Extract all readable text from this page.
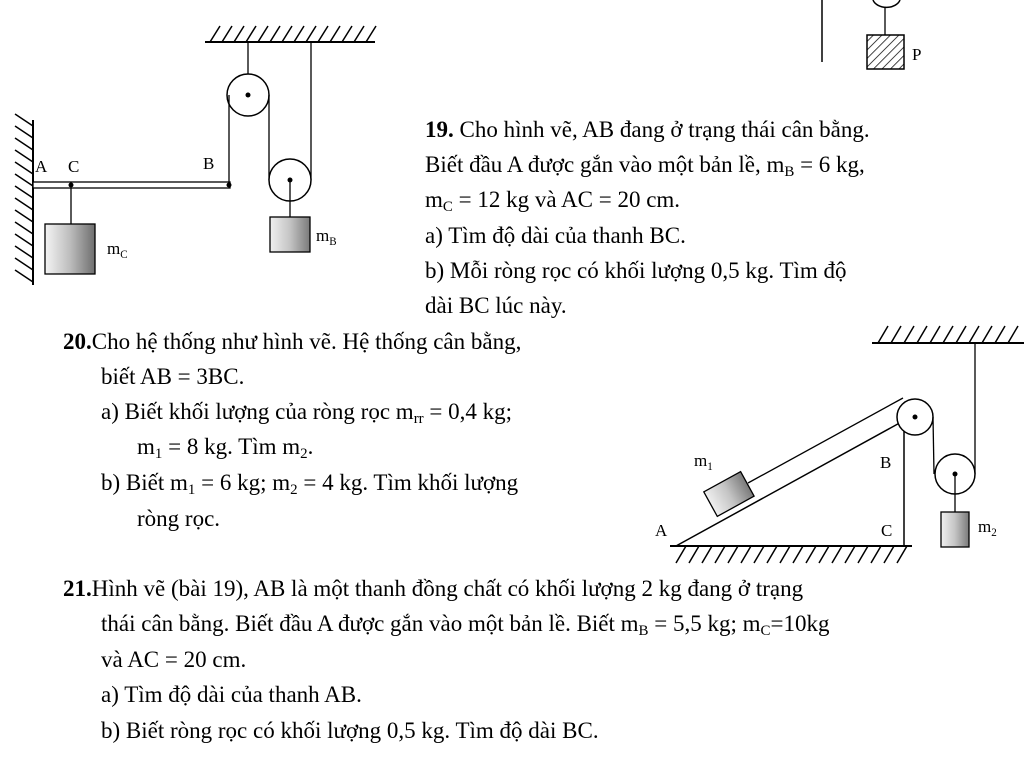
A C	B
$m_C$
$m_B$
P
$m_1$	B
A	C	$m_2$
19. Cho hình vẽ, AB đang ở trạng thái cân bằng.
Biết đầu A được gắn vào một bản lề, $m_B = 6$ kg,
$m_C = 12$ kg và AC = 20 cm.
a) Tìm độ dài của thanh BC.
b) Mỗi ròng rọc có khối lượng 0,5 kg. Tìm độ
dài BC lúc này.
20.Cho hệ thống như hình vẽ. Hệ thống cân bằng,
biết AB = 3BC.
a) Biết khối lượng của ròng rọc $m_{rr} = 0,4$ kg;
$m_1 = 8$ kg. Tìm $m_2$.
b) Biết $m_1 = 6$ kg; $m_2 = 4$ kg. Tìm khối lượng
ròng rọc.
21.Hình vẽ (bài 19), AB là một thanh đồng chất có khối lượng 2 kg đang ở trạng
thái cân bằng. Biết đầu A được gắn vào một bản lề. Biết $m_B = 5,5$ kg; $m_C=10kg$
và AC = 20 cm.
a) Tìm độ dài của thanh AB.
b) Biết ròng rọc có khối lượng 0,5 kg. Tìm độ dài BC.
